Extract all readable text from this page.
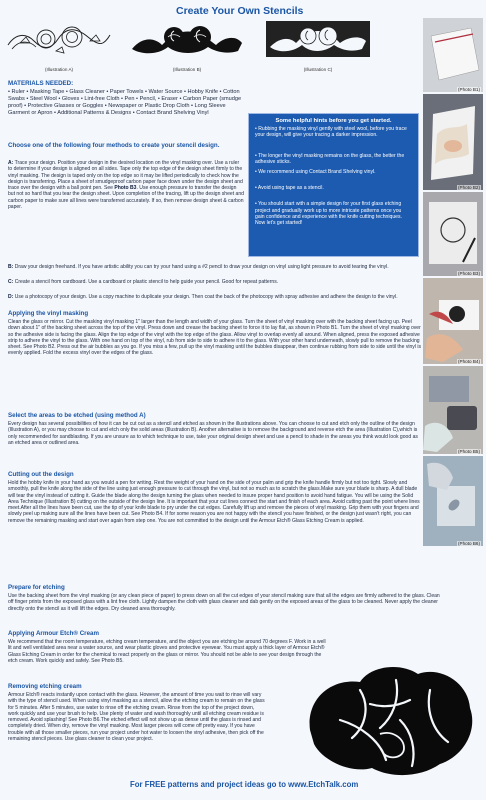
Create Your Own Stencils
(Illustration A)	(Illustration B)	(Illustration C)
MATERIALS NEEDED:
• Ruler • Masking Tape • Glass Cleaner • Paper Towels • Water Source • Hobby Knife • Cotton Swabs • Steel Wool • Gloves • Lint-free Cloth • Pen • Pencil, • Eraser • Carbon Paper (smudge proof) • Protective Glasses or Goggles • Newspaper or Plastic Drop Cloth • Long Sleeve Garment or Apron • Additional Patterns & Designs • Contact Brand Shelving Vinyl
Some helpful hints before you get started.

• Rubbing the masking vinyl gently with steel wool, before you trace your design, will give your tracing a darker impression.

• The longer the vinyl masking remains on the glass, the better the adhesive sticks.

• We recommend using Contact Brand Shelving vinyl.

• Avoid using tape as a stencil.

• You should start with a simple design for your first glass etching project and gradually work up to more intricate patterns once you gain confidence and experience with the knife cutting techniques. Now let's get started!

Choose one of the following four methods to create your stencil design.
A: Trace your design. Position your design in the desired location on the vinyl masking over. Use a ruler to determine if your design is aligned on all sides. Tape only the top edge of the design sheet firmly to the vinyl masking. The design is taped only on the top edge so it may be lifted periodically to check how the design is transferring. Place a sheet of smudgeproof carbon paper face down under the design sheet and trace over the design with a ball point pen. See Photo B3. Use enough pressure to transfer the design but not so hard that you tear the design sheet. Upon completion of the tracing, lift up the design sheet and carbon paper to make sure all lines were transferred accurately. If so, then remove design sheet & carbon paper.
B: Draw your design freehand. If you have artistic ability you can try your hand using a #2 pencil to draw your design on vinyl using light pressure to avoid tearing the vinyl.
C: Create a stencil from cardboard. Use a cardboard or plastic stencil to help guide your pencil. Good for repeat patterns.
D: Use a photocopy of your design. Use a copy machine to duplicate your design. Then coat the back of the photocopy with spray adhesive and adhere the design to the vinyl.
Applying the vinyl masking
Clean the glass or mirror. Cut the masking vinyl masking 1" larger than the length and width of your glass. Turn the sheet of vinyl masking over with the backing sheet facing up. Peel down about 1" of the backing sheet across the top of the vinyl. Press down and crease the backing sheet to force it to lay flat, as shown in Photo B1. Turn the sheet of vinyl masking over so the adhesive side is facing the glass. Align the top edge of the vinyl with the top edge of the glass. Allow vinyl to overlap evenly all around. When aligned, press the exposed adhesive strip to adhere the vinyl to the glass. With one hand on top of the vinyl, rub from side to side to adhere it to the glass. With your other hand underneath, slowly pull to remove the backing sheet. See Photo B2. Press out the air bubbles as you go. If you miss a few, pull up the vinyl masking until the bubbles disappear, then continue rubbing from side to side until the vinyl is evenly applied. Fold the excess vinyl over the edges of the glass.
Select the areas to be etched (using method A)
Every design has several possibilities of how it can be cut out as a stencil and etched as shown in the illustrations above. You can choose to cut and etch only the outline of the design (Illustration A), or you may choose to cut and etch only the solid areas (Illustration B). Another alternative is to remove the background and reverse etch the area (Illustration C),which is only recommended for sandblasting. If you are unsure as to which technique to use, take your original design sheet and use a pencil to shade in the areas you think would look good as an etched area or outlined area.
Cutting out the design
Hold the hobby knife in your hand as you would a pen for writing. Rest the weight of your hand on the side of your palm and grip the knife handle firmly but not too tight. Slowly and smoothly, pull the knife along the side of the line using just enough pressure to cut through the vinyl, but not so much as to scratch the glass.Make sure your blade is sharp. A dull blade will tear the vinyl instead of cutting it. Guide the blade along the design turning the glass when needed to insure proper hand position to avoid hand fatigue. You will be using the Solid Area Technique (Illustration B) cutting on the outside of the design line. It is important that your cut lines connect the start and finish of each area. Avoid cutting past the point where lines meet.After all the lines have been cut, use the tip of your knife blade to pry under the cut edges. Carefully lift up and remove the pieces of vinyl masking. Grip them with your fingers and slowly peel up making sure all the lines have been cut. See Photo B4. If for some reason you are not happy with the stencil you have finished, or the design just wasn't right, you can remove the remaining masking and start over again from step one. You are not committed to the design until the Armour Etch® Glass Etching Cream is applied.
Prepare for etching
Use the backing sheet from the vinyl masking (or any clean piece of paper) to press down on all the cut edges of your stencil making sure that all the edges are firmly adhered to the glass. Clean off finger prints from the exposed glass with a lint free cloth. Lightly dampen the cloth with glass cleaner and dab gently on the exposed areas of the glass to be cleaned. Never apply the cleaner directly onto the stencil as it will lift the edges. Dry cleaned area thoroughly.
Applying Armour Etch® Cream
We recommend that the room temperature, etching cream temperature, and the object you are etching be around 70 degrees F. Work in a well lit and well ventilated area near a water source, and wear plastic gloves and protective eyewear. You must apply a thick layer of Armour Etch® Glass Etching Cream in order for the chemical to react properly on the glass or mirror. You should not be able to see your design through the etch cream. Work quickly and safely. See Photo B5.
Removing etching cream
Armour Etch® reacts instantly upon contact with the glass. However, the amount of time you wait to rinse will vary with the type of stencil used. When using vinyl masking as a stencil, allow the etching cream to remain on the glass for 5 minutes. After 5 minutes, use water to rinse off the etching cream. Rinse from the top of the project down, work quickly and use your brush to help. Use plenty of water and wash thoroughly until all etching cream residue is removed. Avoid splashing! See Photo B6.The etched effect will not show up as dense until the glass is rinsed and completely dried. When dry, remove the vinyl masking. Most larger pieces will come off pretty easy. If you have trouble with all those smaller pieces, run your project under hot water to loosen the vinyl adhesive, then pick off the remaining stencil pieces. Use glass cleaner to clean your project.
(Photo B1)
(Photo B2)
(Photo B3)
(Photo B4)
(Photo B5)
(Photo B6)
For FREE patterns and project ideas go to www.EtchTalk.com
